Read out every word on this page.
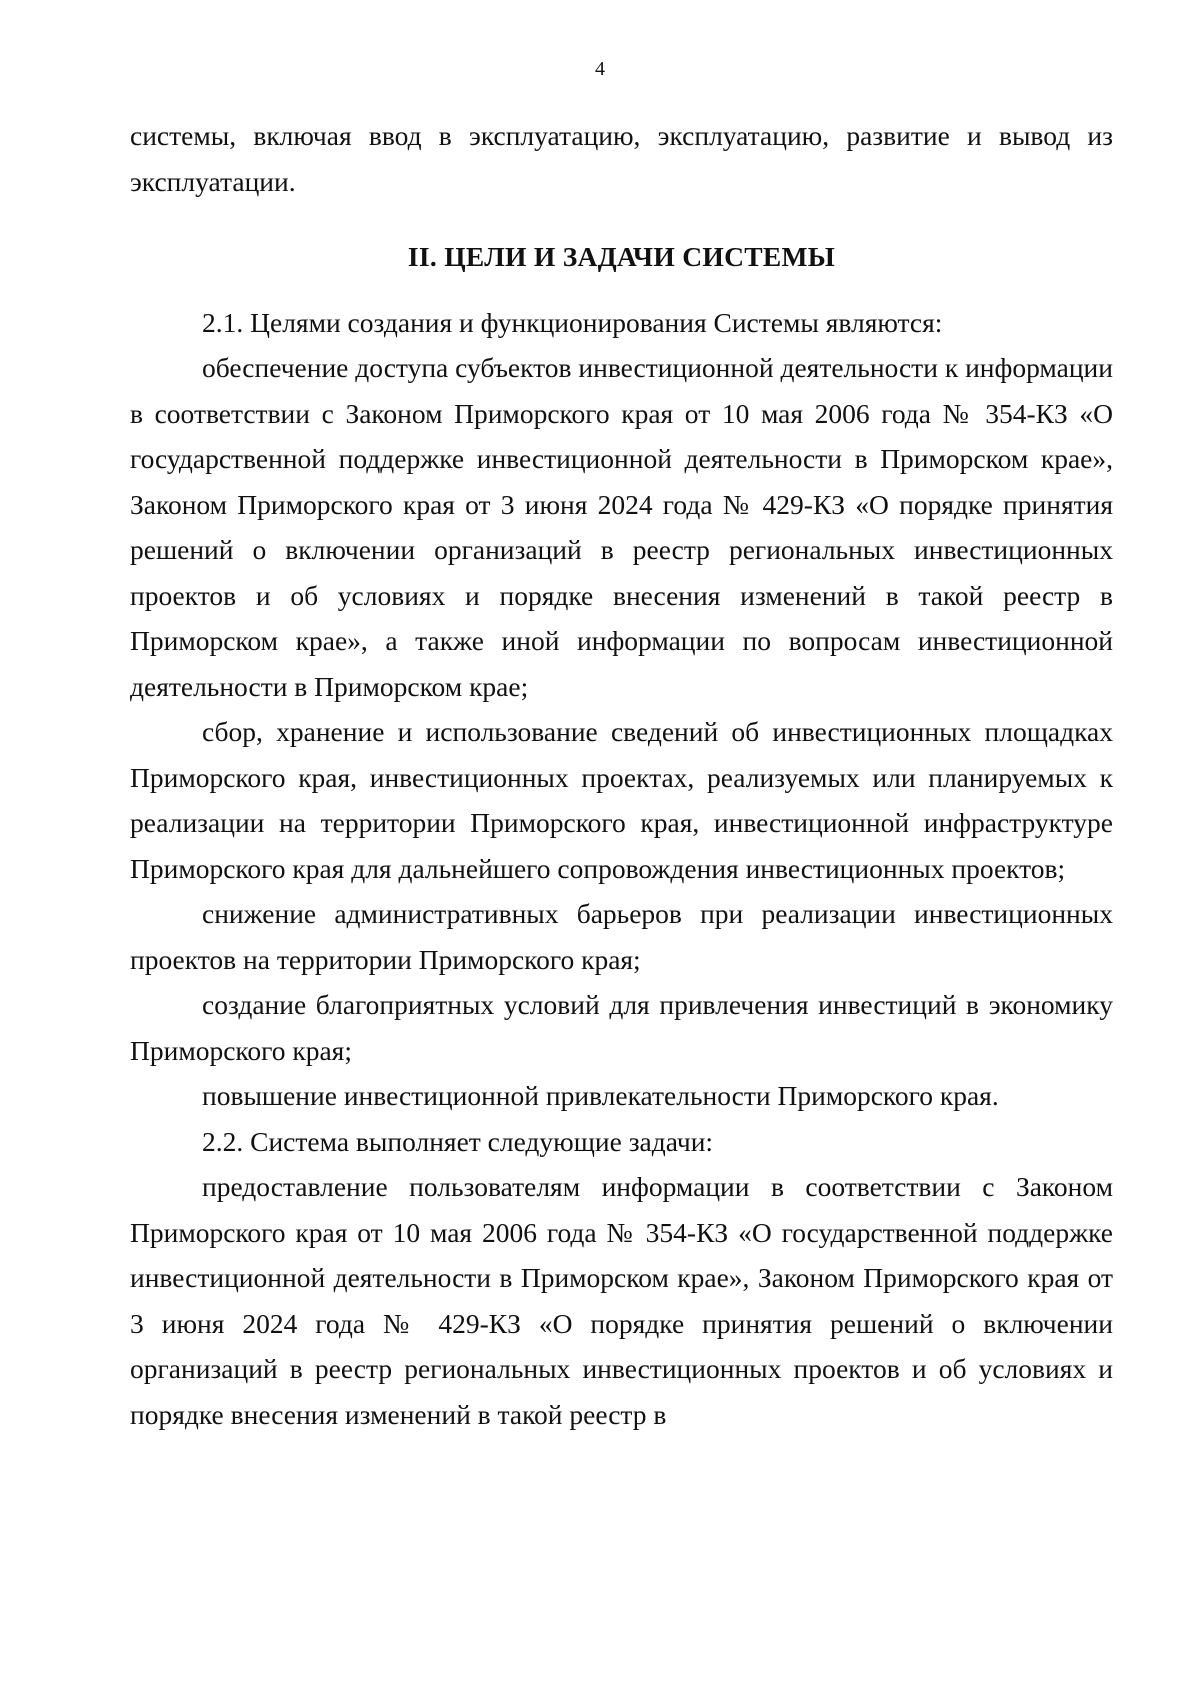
4

системы, включая ввод в эксплуатацию, эксплуатацию, развитие и вывод из эксплуатации.

II. ЦЕЛИ И ЗАДАЧИ СИСТЕМЫ

2.1. Целями создания и функционирования Системы являются:

обеспечение доступа субъектов инвестиционной деятельности к информации в соответствии с Законом Приморского края от 10 мая 2006 года № 354-КЗ «О государственной поддержке инвестиционной деятельности в Приморском крае», Законом Приморского края от 3 июня 2024 года № 429-КЗ «О порядке принятия решений о включении организаций в реестр региональных инвестиционных проектов и об условиях и порядке внесения изменений в такой реестр в Приморском крае», а также иной информации по вопросам инвестиционной деятельности в Приморском крае;

сбор, хранение и использование сведений об инвестиционных площадках Приморского края, инвестиционных проектах, реализуемых или планируемых к реализации на территории Приморского края, инвестиционной инфраструктуре Приморского края для дальнейшего сопровождения инвестиционных проектов;

снижение административных барьеров при реализации инвестиционных проектов на территории Приморского края;

создание благоприятных условий для привлечения инвестиций в экономику Приморского края;

повышение инвестиционной привлекательности Приморского края.

2.2. Система выполняет следующие задачи:

предоставление пользователям информации в соответствии с Законом Приморского края от 10 мая 2006 года № 354-КЗ «О государственной поддержке инвестиционной деятельности в Приморском крае», Законом Приморского края от 3 июня 2024 года № 429-КЗ «О порядке принятия решений о включении организаций в реестр региональных инвестиционных проектов и об условиях и порядке внесения изменений в такой реестр в
